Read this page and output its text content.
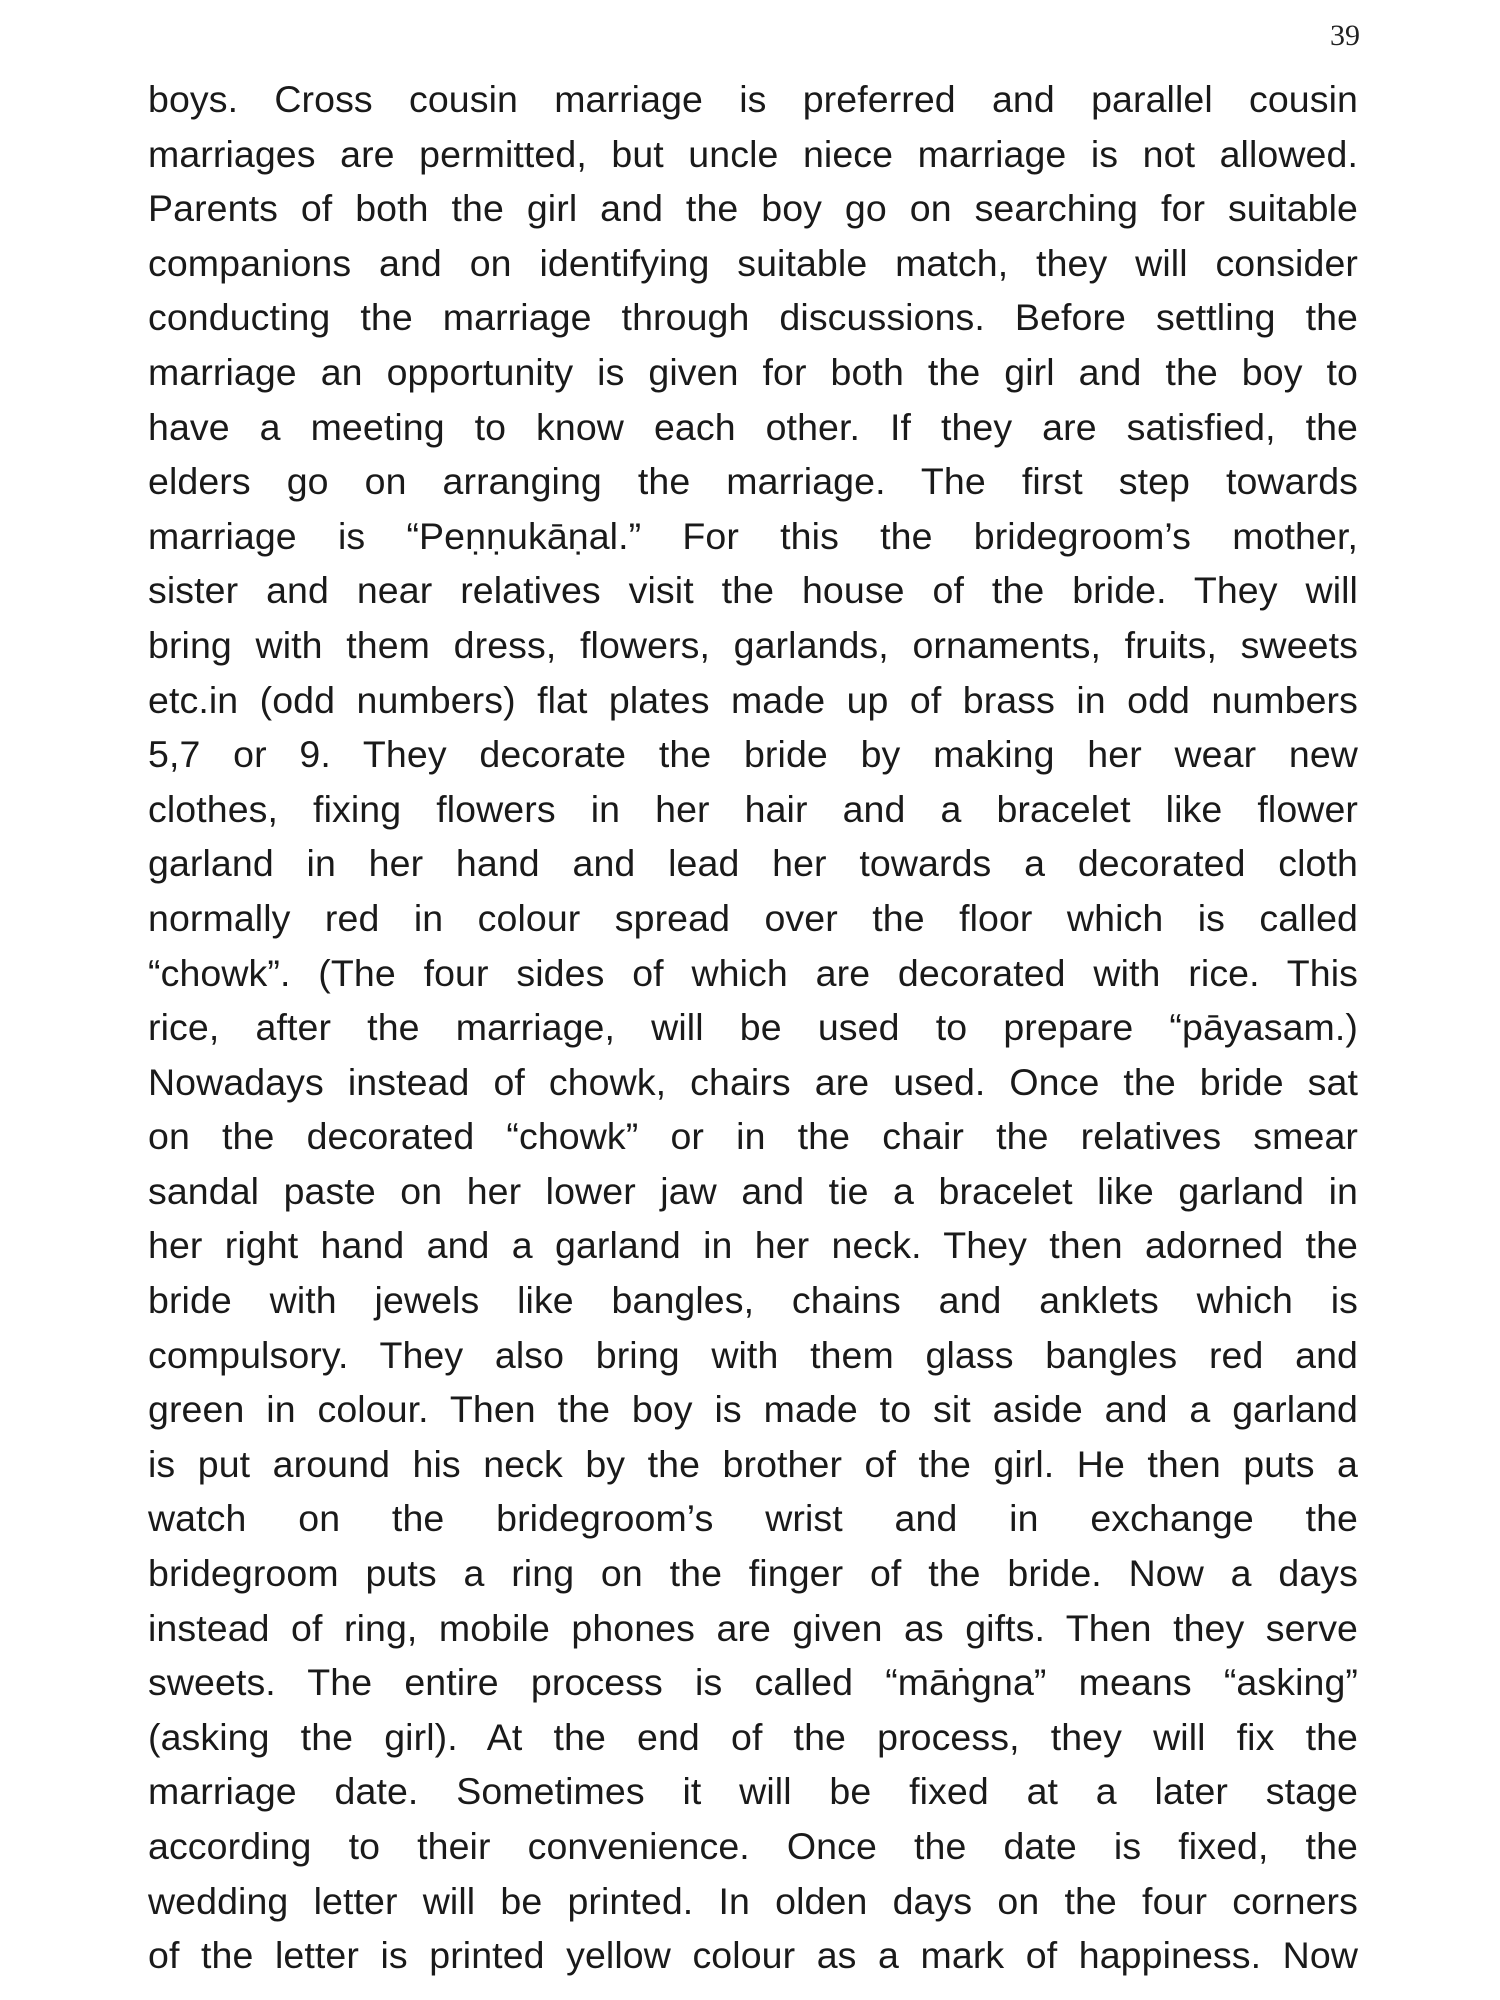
39
boys. Cross cousin marriage is preferred and parallel cousin
marriages are permitted, but uncle niece marriage is not allowed.
Parents of both the girl and the boy go on searching for suitable
companions and on identifying suitable match, they will consider
conducting the marriage through discussions. Before settling the
marriage an opportunity is given for both the girl and the boy to
have a meeting to know each other. If they are satisfied, the
elders go on arranging the marriage. The first step towards
marriage is “Peṇṇukāṇal.” For this the bridegroom’s mother,
sister and near relatives visit the house of the bride. They will
bring with them dress, flowers, garlands, ornaments, fruits, sweets
etc.in (odd numbers) flat plates made up of brass in odd numbers
5,7 or 9. They decorate the bride by making her wear new
clothes, fixing flowers in her hair and a bracelet like flower
garland in her hand and lead her towards a decorated cloth
normally red in colour spread over the floor which is called
“chowk”. (The four sides of which are decorated with rice. This
rice, after the marriage, will be used to prepare “pāyasam.)
Nowadays instead of chowk, chairs are used. Once the bride sat
on the decorated “chowk” or in the chair the relatives smear
sandal paste on her lower jaw and tie a bracelet like garland in
her right hand and a garland in her neck. They then adorned the
bride with jewels like bangles, chains and anklets which is
compulsory. They also bring with them glass bangles red and
green in colour. Then the boy is made to sit aside and a garland
is put around his neck by the brother of the girl. He then puts a
watch on the bridegroom’s wrist and in exchange the
bridegroom puts a ring on the finger of the bride. Now a days
instead of ring, mobile phones are given as gifts. Then they serve
sweets. The entire process is called “māṅgna” means “asking”
(asking the girl). At the end of the process, they will fix the
marriage date. Sometimes it will be fixed at a later stage
according to their convenience. Once the date is fixed, the
wedding letter will be printed. In olden days on the four corners
of the letter is printed yellow colour as a mark of happiness. Now
